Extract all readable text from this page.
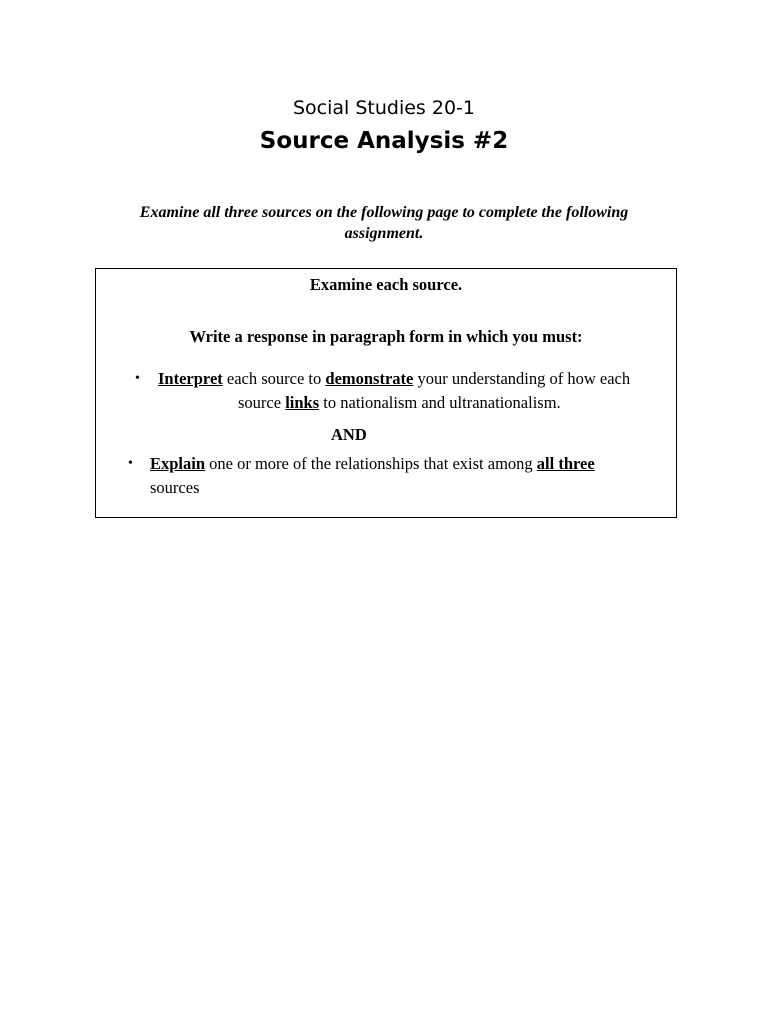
Social Studies 20-1
Source Analysis #2
Examine all three sources on the following page to complete the following assignment.
Examine each source.
Write a response in paragraph form in which you must:
• Interpret each source to demonstrate your understanding of how each
source links to nationalism and ultranationalism.
AND
• Explain one or more of the relationships that exist among all three
sources
